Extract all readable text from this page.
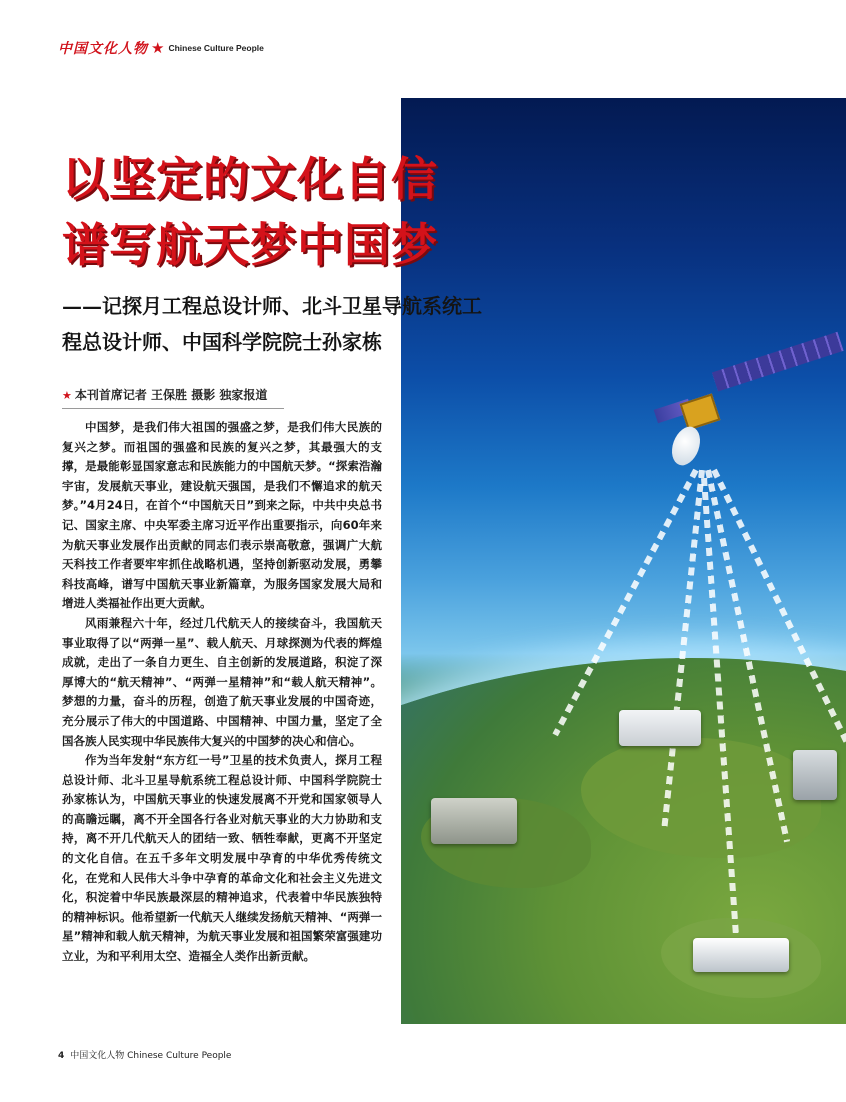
中国文化人物 ★ Chinese Culture People
以坚定的文化自信
谱写航天梦中国梦
——记探月工程总设计师、北斗卫星导航系统工
程总设计师、中国科学院院士孙家栋
★ 本刊首席记者 王保胜 摄影 独家报道

中国梦，是我们伟大祖国的强盛之梦，是我们伟大民族的复兴之梦。而祖国的强盛和民族的复兴之梦，其最强大的支撑，是最能彰显国家意志和民族能力的中国航天梦。“探索浩瀚宇宙，发展航天事业，建设航天强国，是我们不懈追求的航天梦。”4月24日，在首个“中国航天日”到来之际，中共中央总书记、国家主席、中央军委主席习近平作出重要指示，向60年来为航天事业发展作出贡献的同志们表示崇高敬意，强调广大航天科技工作者要牢牢抓住战略机遇，坚持创新驱动发展，勇攀科技高峰，谱写中国航天事业新篇章，为服务国家发展大局和增进人类福祉作出更大贡献。

风雨兼程六十年，经过几代航天人的接续奋斗，我国航天事业取得了以“两弹一星”、载人航天、月球探测为代表的辉煌成就，走出了一条自力更生、自主创新的发展道路，积淀了深厚博大的“航天精神”、“两弹一星精神”和“载人航天精神”。梦想的力量，奋斗的历程，创造了航天事业发展的中国奇迹，充分展示了伟大的中国道路、中国精神、中国力量，坚定了全国各族人民实现中华民族伟大复兴的中国梦的决心和信心。

作为当年发射“东方红一号”卫星的技术负责人，探月工程总设计师、北斗卫星导航系统工程总设计师、中国科学院院士孙家栋认为，中国航天事业的快速发展离不开党和国家领导人的高瞻远瞩，离不开全国各行各业对航天事业的大力协助和支持，离不开几代航天人的团结一致、牺牲奉献，更离不开坚定的文化自信。在五千多年文明发展中孕育的中华优秀传统文化，在党和人民伟大斗争中孕育的革命文化和社会主义先进文化，积淀着中华民族最深层的精神追求，代表着中华民族独特的精神标识。他希望新一代航天人继续发扬航天精神、“两弹一星”精神和载人航天精神，为航天事业发展和祖国繁荣富强建功立业，为和平利用太空、造福全人类作出新贡献。

4 中国文化人物 Chinese Culture People
